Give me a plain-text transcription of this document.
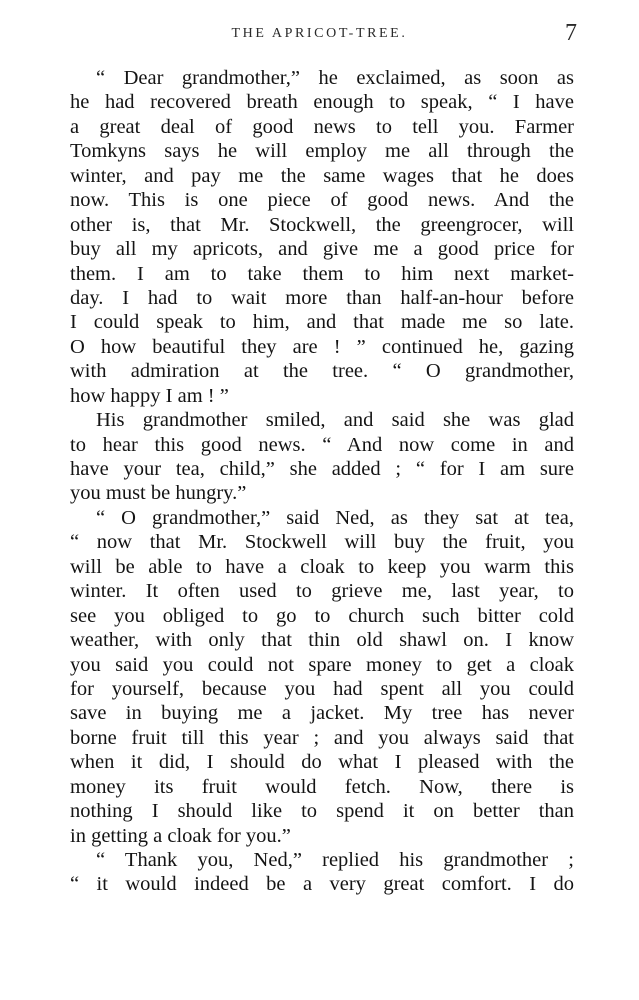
THE APRICOT-TREE.	7
“ Dear grandmother,” he exclaimed, as soon as
he had recovered breath enough to speak, “ I have
a great deal of good news to tell you. Farmer
Tomkyns says he will employ me all through the
winter, and pay me the same wages that he does
now. This is one piece of good news. And the
other is, that Mr. Stockwell, the greengrocer, will
buy all my apricots, and give me a good price for
them. I am to take them to him next market-
day. I had to wait more than half-an-hour before
I could speak to him, and that made me so late.
O how beautiful they are ! ” continued he, gazing
with admiration at the tree. “ O grandmother,
how happy I am ! ”
His grandmother smiled, and said she was glad
to hear this good news. “ And now come in and
have your tea, child,” she added ; “ for I am sure
you must be hungry.”
“ O grandmother,” said Ned, as they sat at tea,
“ now that Mr. Stockwell will buy the fruit, you
will be able to have a cloak to keep you warm this
winter. It often used to grieve me, last year, to
see you obliged to go to church such bitter cold
weather, with only that thin old shawl on. I know
you said you could not spare money to get a cloak
for yourself, because you had spent all you could
save in buying me a jacket. My tree has never
borne fruit till this year ; and you always said that
when it did, I should do what I pleased with the
money its fruit would fetch. Now, there is
nothing I should like to spend it on better than
in getting a cloak for you.”
“ Thank you, Ned,” replied his grandmother ;
“ it would indeed be a very great comfort. I do
